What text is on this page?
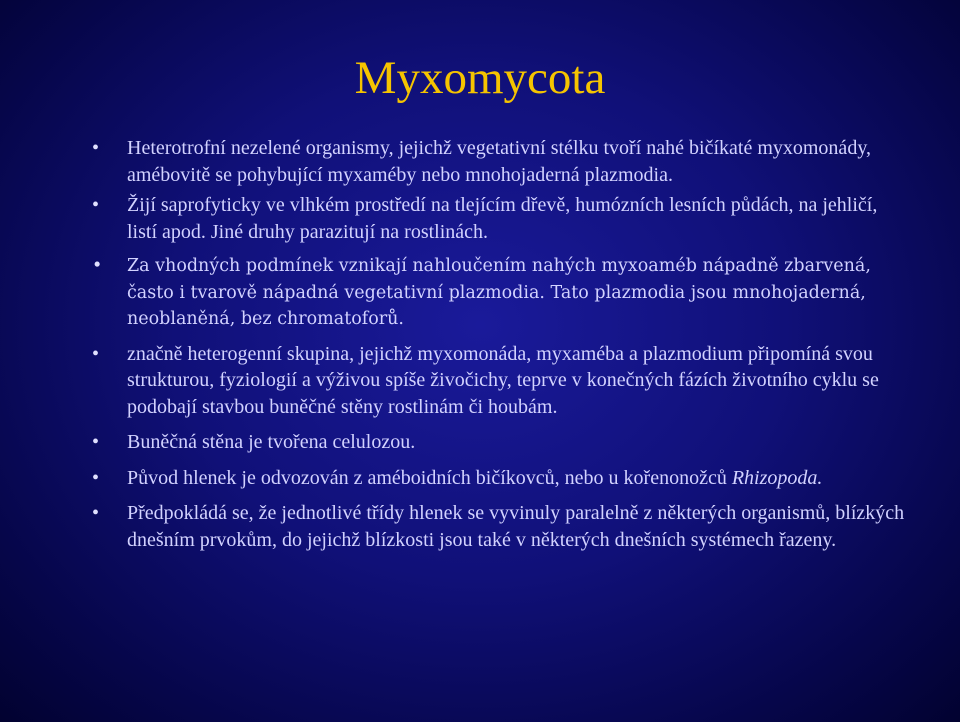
Myxomycota
• Heterotrofní nezelené organismy, jejichž vegetativní stélku tvoří nahé bičíkaté myxomonády, amébovitě se pohybující myxaméby nebo mnohojaderná plazmodia.
• Žijí saprofyticky ve vlhkém prostředí na tlejícím dřevě, humózních lesních půdách, na jehličí, listí apod. Jiné druhy parazitují na rostlinách.
• Za vhodných podmínek vznikají nahloučením nahých myxoaméb nápadně zbarvená, často i tvarově nápadná vegetativní plazmodia. Tato plazmodia jsou mnohojaderná, neoblaněná, bez chromatoforů.
• značně heterogenní skupina, jejichž myxomonáda, myxaméba a plazmodium připomíná svou strukturou, fyziologií a výživou spíše živočichy, teprve v konečných fázích životního cyklu se podobají stavbou buněčné stěny rostlinám či houbám.
• Buněčná stěna je tvořena celulozou.
• Původ hlenek je odvozován z améboidních bičíkovců, nebo u kořenonožců Rhizopoda.
• Předpokládá se, že jednotlivé třídy hlenek se vyvinuly paralelně z některých organismů, blízkých dnešním prvokům, do jejichž blízkosti jsou také v některých dnešních systémech řazeny.
